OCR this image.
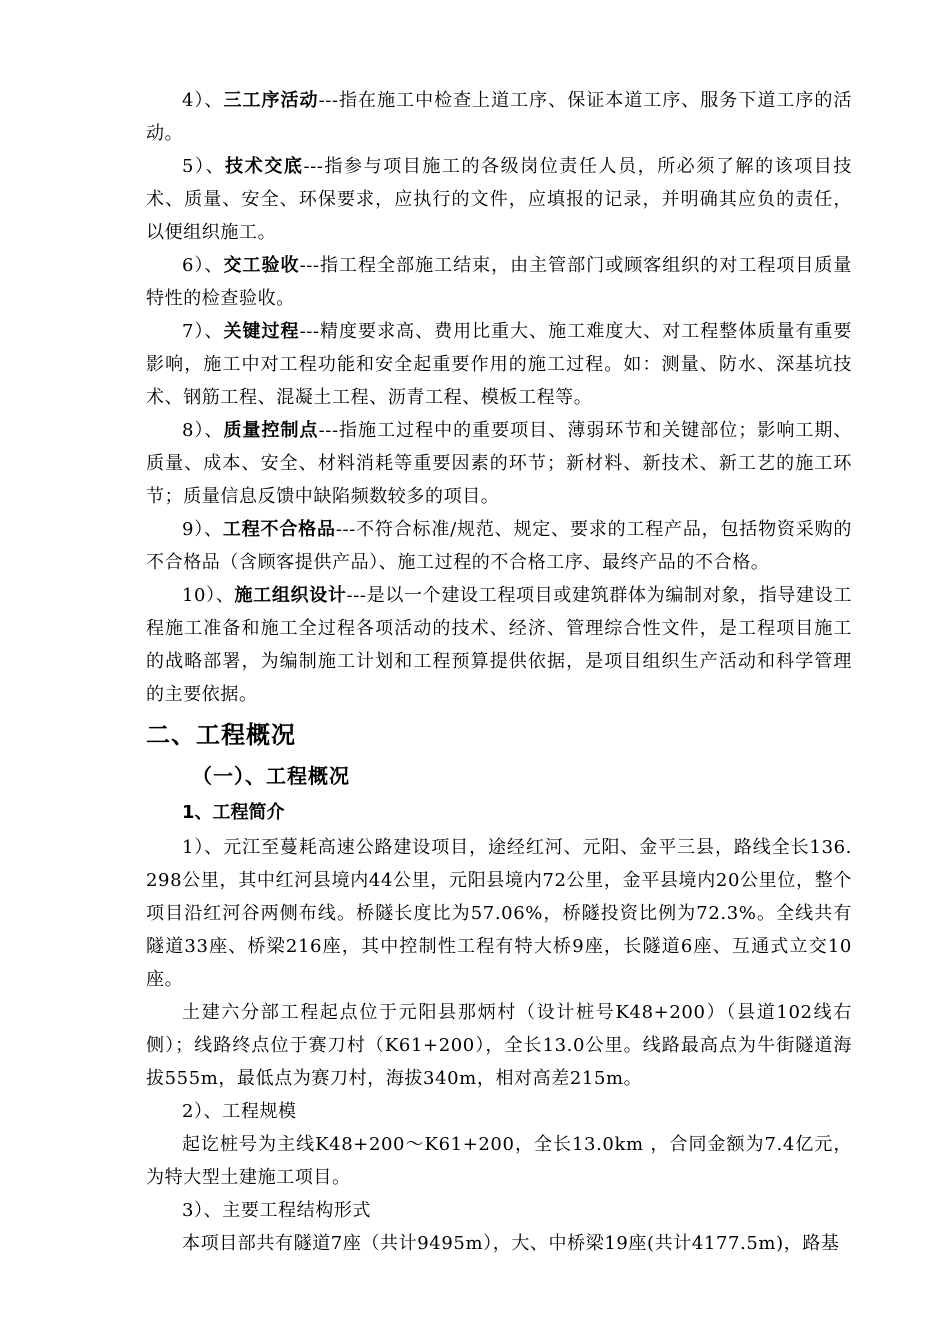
4）、三工序活动---指在施工中检查上道工序、保证本道工序、服务下道工序的活动。

5）、技术交底---指参与项目施工的各级岗位责任人员，所必须了解的该项目技术、质量、安全、环保要求，应执行的文件，应填报的记录，并明确其应负的责任，以便组织施工。

6）、交工验收---指工程全部施工结束，由主管部门或顾客组织的对工程项目质量特性的检查验收。

7）、关键过程---精度要求高、费用比重大、施工难度大、对工程整体质量有重要影响，施工中对工程功能和安全起重要作用的施工过程。如：测量、防水、深基坑技术、钢筋工程、混凝土工程、沥青工程、模板工程等。

8）、质量控制点---指施工过程中的重要项目、薄弱环节和关键部位；影响工期、质量、成本、安全、材料消耗等重要因素的环节；新材料、新技术、新工艺的施工环节；质量信息反馈中缺陷频数较多的项目。

9）、工程不合格品---不符合标准/规范、规定、要求的工程产品，包括物资采购的不合格品（含顾客提供产品）、施工过程的不合格工序、最终产品的不合格。

10）、施工组织设计---是以一个建设工程项目或建筑群体为编制对象，指导建设工程施工准备和施工全过程各项活动的技术、经济、管理综合性文件，是工程项目施工的战略部署，为编制施工计划和工程预算提供依据，是项目组织生产活动和科学管理的主要依据。

二、工程概况
（一）、工程概况
1、工程简介

1）、元江至蔓耗高速公路建设项目，途经红河、元阳、金平三县，路线全长136.298公里，其中红河县境内44公里，元阳县境内72公里，金平县境内20公里位，整个项目沿红河谷两侧布线。桥隧长度比为57.06%，桥隧投资比例为72.3%。全线共有隧道33座、桥梁216座，其中控制性工程有特大桥9座，长隧道6座、互通式立交10座。

土建六分部工程起点位于元阳县那炳村（设计桩号K48+200）（县道102线右侧）；线路终点位于赛刀村（K61+200），全长13.0公里。线路最高点为牛街隧道海拔555m，最低点为赛刀村，海拔340m，相对高差215m。

2）、工程规模

起讫桩号为主线K48+200～K61+200，全长13.0km ，合同金额为7.4亿元，为特大型土建施工项目。

3）、主要工程结构形式

本项目部共有隧道7座（共计9495m），大、中桥梁19座(共计4177.5m)，路基
